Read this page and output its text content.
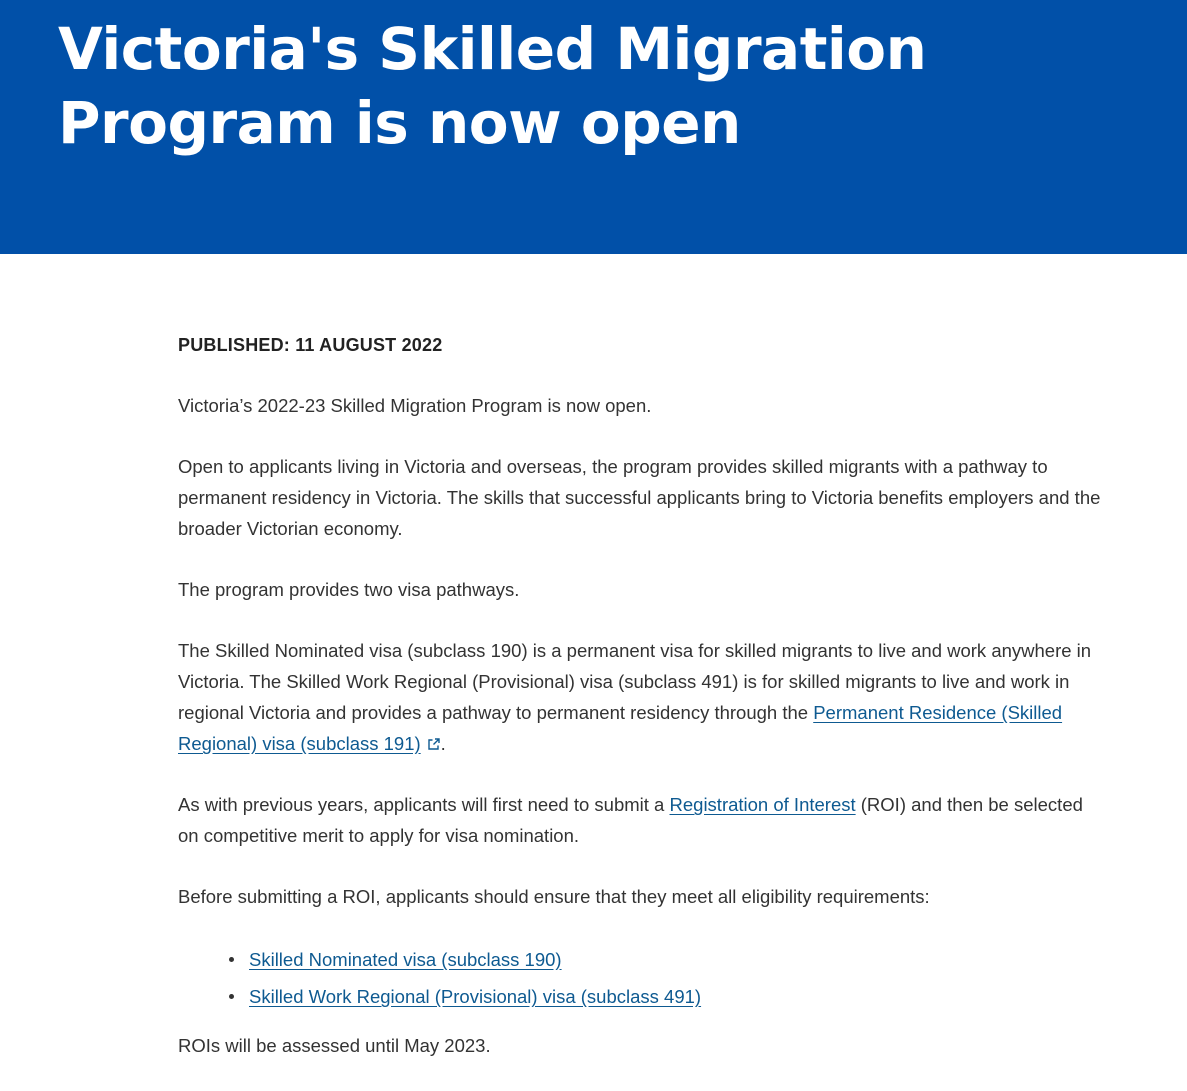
Victoria's Skilled Migration
Program is now open
PUBLISHED: 11 AUGUST 2022

Victoria’s 2022-23 Skilled Migration Program is now open.

Open to applicants living in Victoria and overseas, the program provides skilled migrants with a pathway to permanent residency in Victoria. The skills that successful applicants bring to Victoria benefits employers and the broader Victorian economy.

The program provides two visa pathways.

The Skilled Nominated visa (subclass 190) is a permanent visa for skilled migrants to live and work anywhere in Victoria. The Skilled Work Regional (Provisional) visa (subclass 491) is for skilled migrants to live and work in regional Victoria and provides a pathway to permanent residency through the Permanent Residence (Skilled Regional) visa (subclass 191) .

As with previous years, applicants will first need to submit a Registration of Interest (ROI) and then be selected on competitive merit to apply for visa nomination.

Before submitting a ROI, applicants should ensure that they meet all eligibility requirements:

Skilled Nominated visa (subclass 190)
Skilled Work Regional (Provisional) visa (subclass 491)

ROIs will be assessed until May 2023.
